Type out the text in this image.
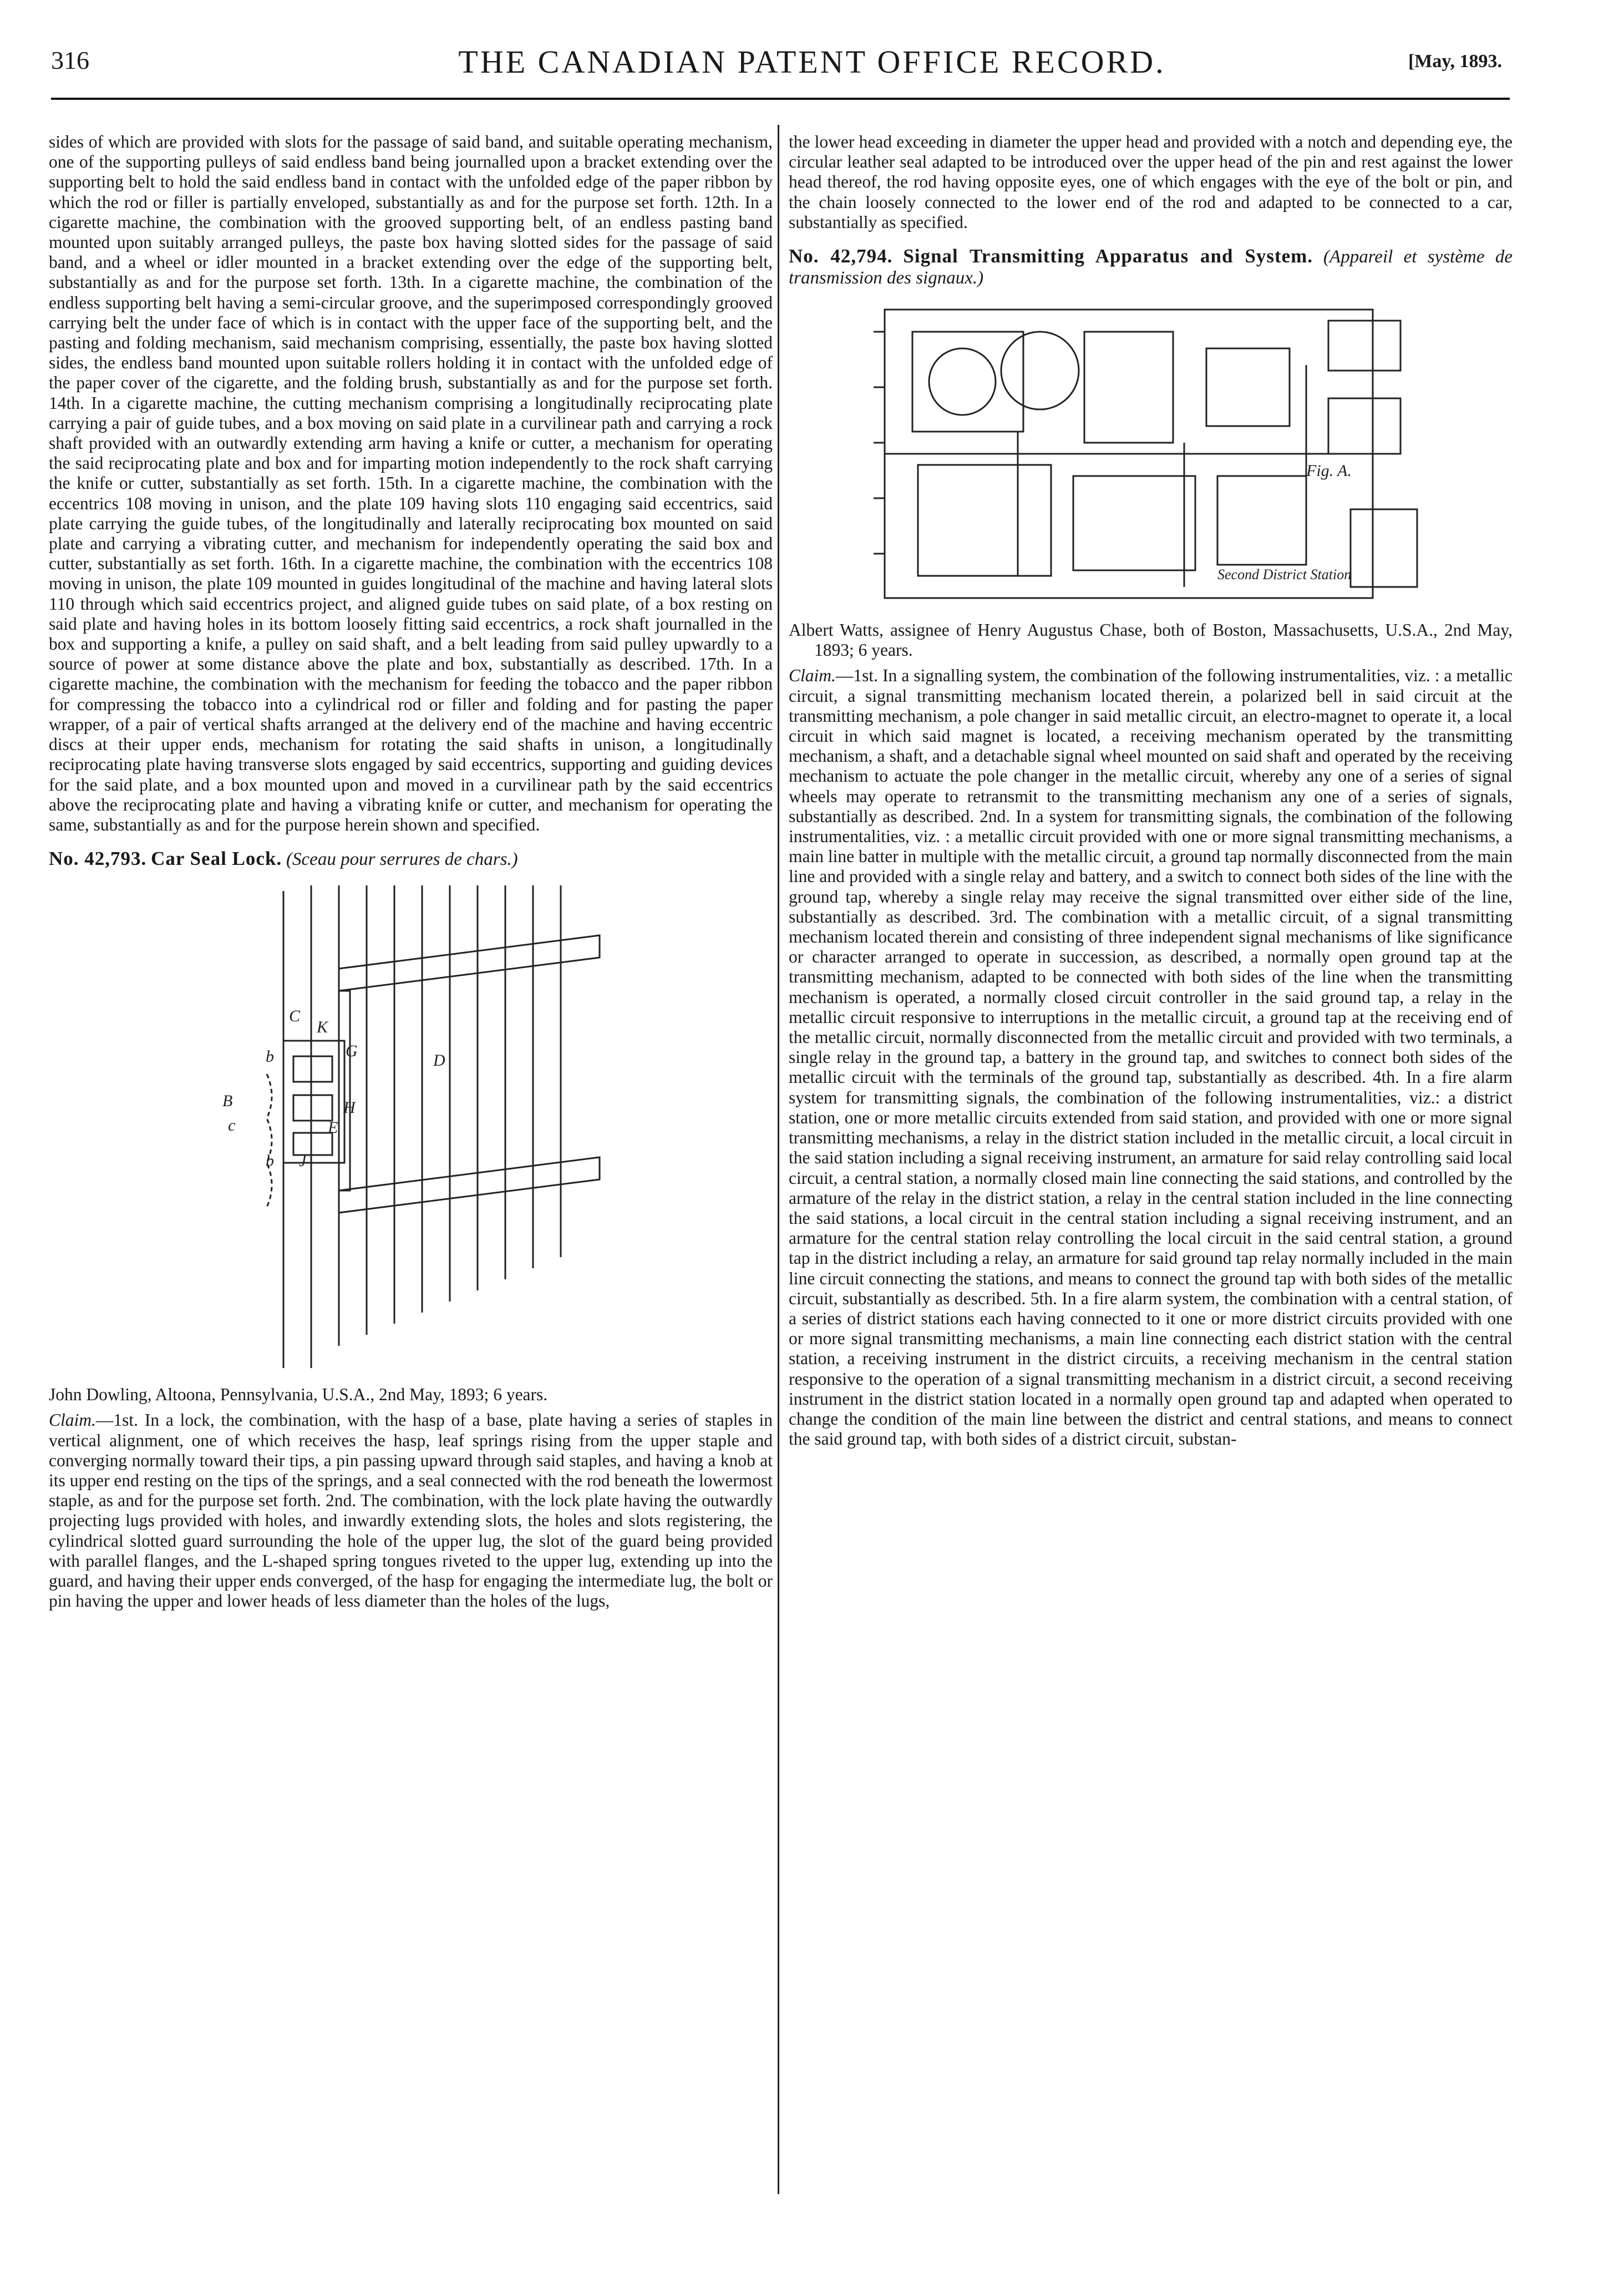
316	THE CANADIAN PATENT OFFICE RECORD.	[May, 1893.

sides of which are provided with slots for the passage of said band, and suitable operating mechanism, one of the supporting pulleys of said endless band being journalled upon a bracket extending over the supporting belt to hold the said endless band in contact with the unfolded edge of the paper ribbon by which the rod or filler is partially enveloped, substantially as and for the purpose set forth. 12th. In a cigarette machine, the combination with the grooved supporting belt, of an endless pasting band mounted upon suitably arranged pulleys, the paste box having slotted sides for the passage of said band, and a wheel or idler mounted in a bracket extending over the edge of the supporting belt, substantially as and for the purpose set forth. 13th. In a cigarette machine, the combination of the endless supporting belt having a semi-circular groove, and the superimposed correspondingly grooved carrying belt the under face of which is in contact with the upper face of the supporting belt, and the pasting and folding mechanism, said mechanism comprising, essentially, the paste box having slotted sides, the endless band mounted upon suitable rollers holding it in contact with the unfolded edge of the paper cover of the cigarette, and the folding brush, substantially as and for the purpose set forth. 14th. In a cigarette machine, the cutting mechanism comprising a longitudinally reciprocating plate carrying a pair of guide tubes, and a box moving on said plate in a curvilinear path and carrying a rock shaft provided with an outwardly extending arm having a knife or cutter, a mechanism for operating the said reciprocating plate and box and for imparting motion independently to the rock shaft carrying the knife or cutter, substantially as set forth. 15th. In a cigarette machine, the combination with the eccentrics 108 moving in unison, and the plate 109 having slots 110 engaging said eccentrics, said plate carrying the guide tubes, of the longitudinally and laterally reciprocating box mounted on said plate and carrying a vibrating cutter, and mechanism for independently operating the said box and cutter, substantially as set forth. 16th. In a cigarette machine, the combination with the eccentrics 108 moving in unison, the plate 109 mounted in guides longitudinal of the machine and having lateral slots 110 through which said eccentrics project, and aligned guide tubes on said plate, of a box resting on said plate and having holes in its bottom loosely fitting said eccentrics, a rock shaft journalled in the box and supporting a knife, a pulley on said shaft, and a belt leading from said pulley upwardly to a source of power at some distance above the plate and box, substantially as described. 17th. In a cigarette machine, the combination with the mechanism for feeding the tobacco and the paper ribbon for compressing the tobacco into a cylindrical rod or filler and folding and for pasting the paper wrapper, of a pair of vertical shafts arranged at the delivery end of the machine and having eccentric discs at their upper ends, mechanism for rotating the said shafts in unison, a longitudinally reciprocating plate having transverse slots engaged by said eccentrics, supporting and guiding devices for the said plate, and a box mounted upon and moved in a curvilinear path by the said eccentrics above the reciprocating plate and having a vibrating knife or cutter, and mechanism for operating the same, substantially as and for the purpose herein shown and specified.

No. 42,793. Car Seal Lock. (Sceau pour serrures de chars.)
C
K
G
D
b
B
c
H
E
b J

John Dowling, Altoona, Pennsylvania, U.S.A., 2nd May, 1893; 6 years.

Claim.—1st. In a lock, the combination, with the hasp of a base, plate having a series of staples in vertical alignment, one of which receives the hasp, leaf springs rising from the upper staple and converging normally toward their tips, a pin passing upward through said staples, and having a knob at its upper end resting on the tips of the springs, and a seal connected with the rod beneath the lowermost staple, as and for the purpose set forth. 2nd. The combination, with the lock plate having the outwardly projecting lugs provided with holes, and inwardly extending slots, the holes and slots registering, the cylindrical slotted guard surrounding the hole of the upper lug, the slot of the guard being provided with parallel flanges, and the L-shaped spring tongues riveted to the upper lug, extending up into the guard, and having their upper ends converged, of the hasp for engaging the intermediate lug, the bolt or pin having the upper and lower heads of less diameter than the holes of the lugs,

the lower head exceeding in diameter the upper head and provided with a notch and depending eye, the circular leather seal adapted to be introduced over the upper head of the pin and rest against the lower head thereof, the rod having opposite eyes, one of which engages with the eye of the bolt or pin, and the chain loosely connected to the lower end of the rod and adapted to be connected to a car, substantially as specified.

No. 42,794. Signal Transmitting Apparatus and System. (Appareil et système de transmission des signaux.)
Fig. A.
Second District Station

Albert Watts, assignee of Henry Augustus Chase, both of Boston, Massachusetts, U.S.A., 2nd May, 1893; 6 years.

Claim.—1st. In a signalling system, the combination of the following instrumentalities, viz. : a metallic circuit, a signal transmitting mechanism located therein, a polarized bell in said circuit at the transmitting mechanism, a pole changer in said metallic circuit, an electro-magnet to operate it, a local circuit in which said magnet is located, a receiving mechanism operated by the transmitting mechanism, a shaft, and a detachable signal wheel mounted on said shaft and operated by the receiving mechanism to actuate the pole changer in the metallic circuit, whereby any one of a series of signal wheels may operate to retransmit to the transmitting mechanism any one of a series of signals, substantially as described. 2nd. In a system for transmitting signals, the combination of the following instrumentalities, viz. : a metallic circuit provided with one or more signal transmitting mechanisms, a main line batter in multiple with the metallic circuit, a ground tap normally disconnected from the main line and provided with a single relay and battery, and a switch to connect both sides of the line with the ground tap, whereby a single relay may receive the signal transmitted over either side of the line, substantially as described. 3rd. The combination with a metallic circuit, of a signal transmitting mechanism located therein and consisting of three independent signal mechanisms of like significance or character arranged to operate in succession, as described, a normally open ground tap at the transmitting mechanism, adapted to be connected with both sides of the line when the transmitting mechanism is operated, a normally closed circuit controller in the said ground tap, a relay in the metallic circuit responsive to interruptions in the metallic circuit, a ground tap at the receiving end of the metallic circuit, normally disconnected from the metallic circuit and provided with two terminals, a single relay in the ground tap, a battery in the ground tap, and switches to connect both sides of the metallic circuit with the terminals of the ground tap, substantially as described. 4th. In a fire alarm system for transmitting signals, the combination of the following instrumentalities, viz.: a district station, one or more metallic circuits extended from said station, and provided with one or more signal transmitting mechanisms, a relay in the district station included in the metallic circuit, a local circuit in the said station including a signal receiving instrument, an armature for said relay controlling said local circuit, a central station, a normally closed main line connecting the said stations, and controlled by the armature of the relay in the district station, a relay in the central station included in the line connecting the said stations, a local circuit in the central station including a signal receiving instrument, and an armature for the central station relay controlling the local circuit in the said central station, a ground tap in the district including a relay, an armature for said ground tap relay normally included in the main line circuit connecting the stations, and means to connect the ground tap with both sides of the metallic circuit, substantially as described. 5th. In a fire alarm system, the combination with a central station, of a series of district stations each having connected to it one or more district circuits provided with one or more signal transmitting mechanisms, a main line connecting each district station with the central station, a receiving instrument in the district circuits, a receiving mechanism in the central station responsive to the operation of a signal transmitting mechanism in a district circuit, a second receiving instrument in the district station located in a normally open ground tap and adapted when operated to change the condition of the main line between the district and central stations, and means to connect the said ground tap, with both sides of a district circuit, substan-
